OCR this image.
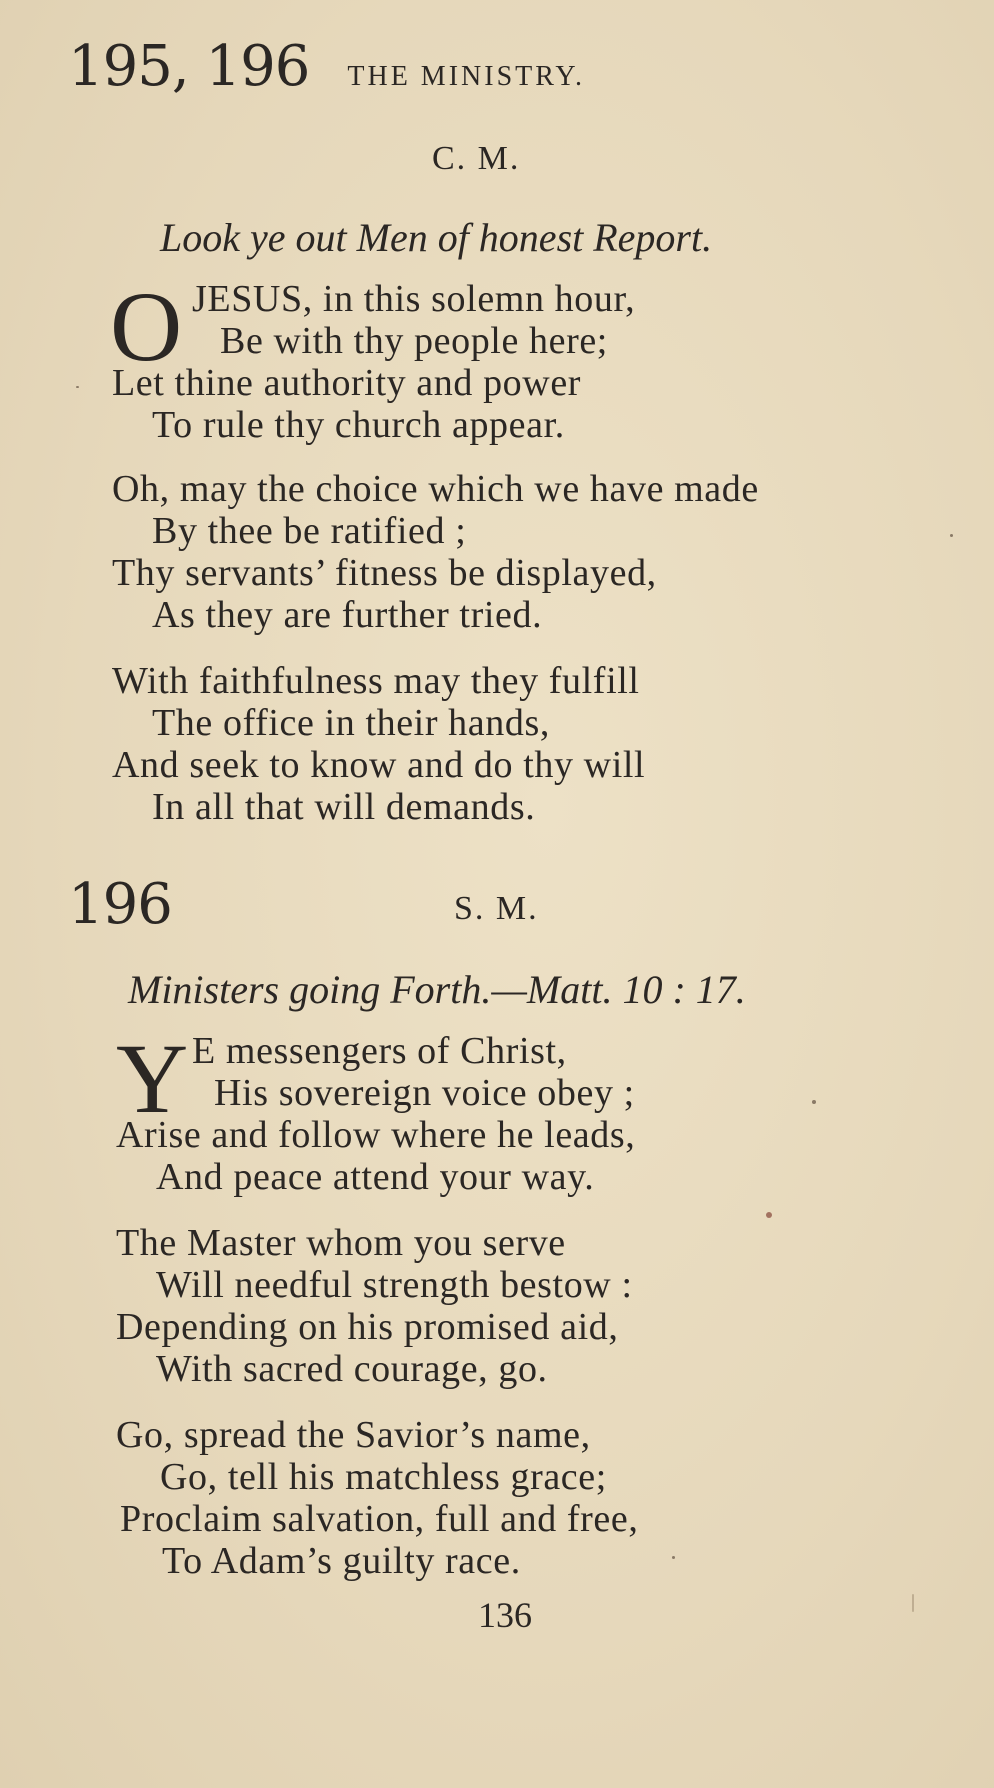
195, 196 THE MINISTRY.
C. M.
Look ye out Men of honest Report.
O JESUS, in this solemn hour,
Be with thy people here;
Let thine authority and power
To rule thy church appear.
Oh, may the choice which we have made
By thee be ratified ;
Thy servants’ fitness be displayed,
As they are further tried.
With faithfulness may they fulfill
The office in their hands,
And seek to know and do thy will
In all that will demands.
196	S. M.
Ministers going Forth.—Matt. 10 : 17.
Y E messengers of Christ,
His sovereign voice obey ;
Arise and follow where he leads,
And peace attend your way.
The Master whom you serve
Will needful strength bestow :
Depending on his promised aid,
With sacred courage, go.
Go, spread the Savior’s name,
Go, tell his matchless grace;
Proclaim salvation, full and free,
To Adam’s guilty race.
136
